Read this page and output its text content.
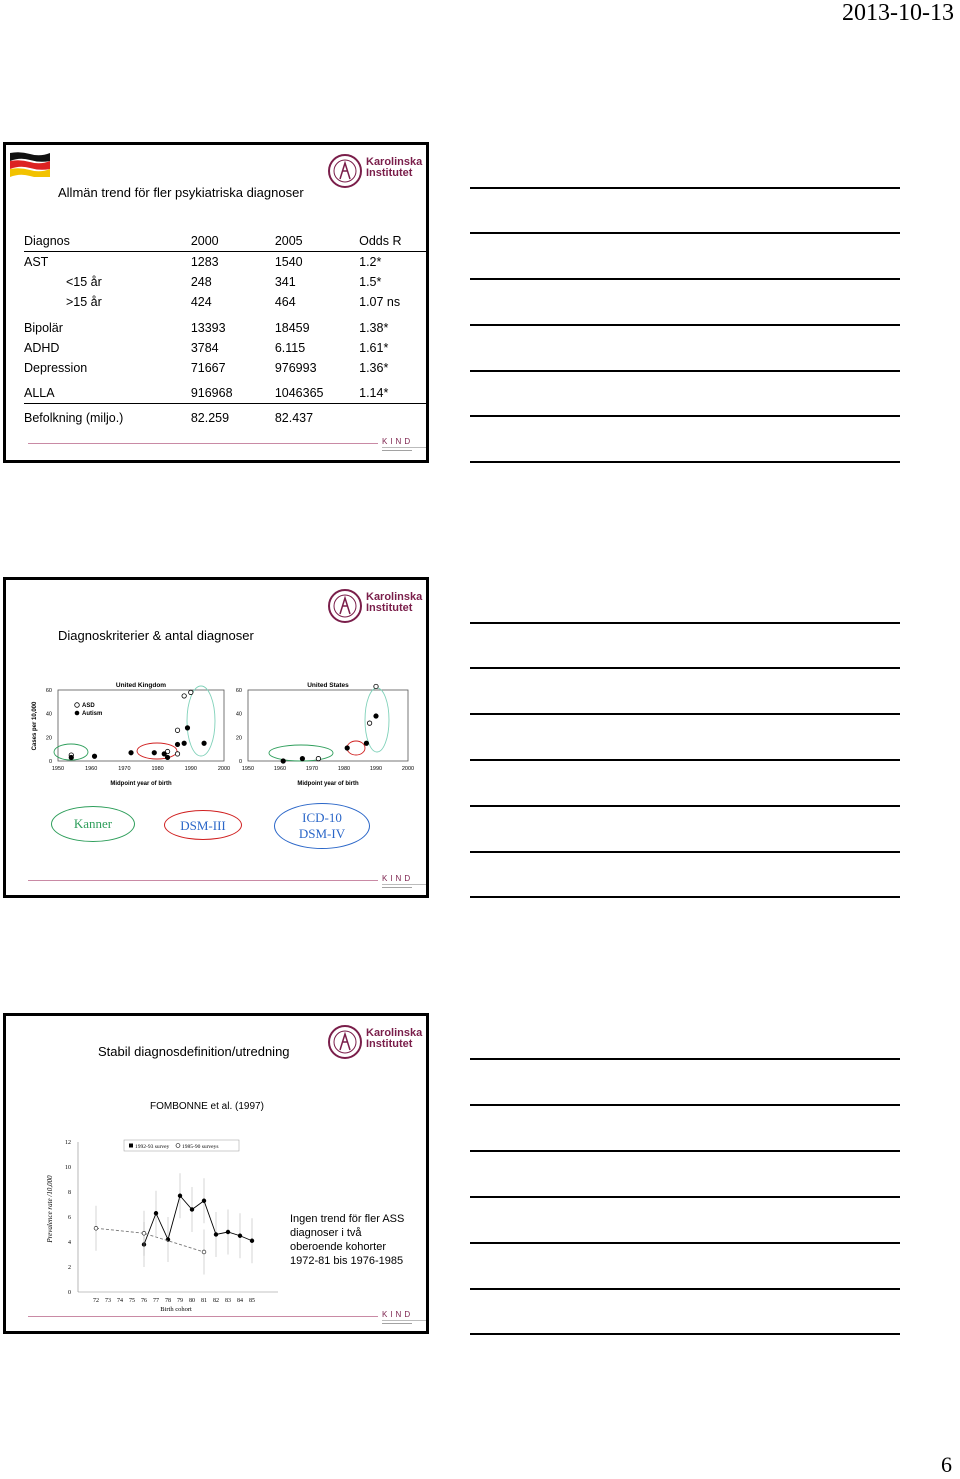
2013-10-13
Karolinska
Institutet
Allmän trend för fler psykiatriska diagnoser
Diagnos	2000	2005	Odds R
AST	1283	1540	1.2*
<15 år	248	341	1.5*
>15 år	424	464	1.07 ns

Bipolär	13393	18459	1.38*
ADHD	3784	6.115	1.61*
Depression	71667	976993	1.36*

ALLA	916968	1046365	1.14*

Befolkning (miljo.)	82.259	82.437	
KIND
▬▬▬▬▬▬▬▬▬▬
Karolinska
Institutet
Diagnoskriterier & antal diagnoser
United Kingdom
Cases per 10,000
Midpoint year of birth
ASD
Autism
1950	1960	1970	1980	1990	2000
0
20
40
60
United States
Midpoint year of birth
1950	1960	1970	1980	1990	2000
0
20
40
60
Kanner	DSM-III
ICD-10
DSM-IV
KIND
▬▬▬▬▬▬▬▬▬▬
Karolinska
Institutet
Stabil diagnosdefinition/utredning
FOMBONNE et al. (1997)
0
2
4
6
8
10
12
72 73 74 75 76 77 78 79 80 81 82 83 84 85
Prevalence rate /10,000
Birth cohort
1992-93 survey 1985-90 surveys
Ingen trend för fler ASS
diagnoser i två
oberoende kohorter
1972-81 bis 1976-1985
KIND
▬▬▬▬▬▬▬▬▬▬
6
